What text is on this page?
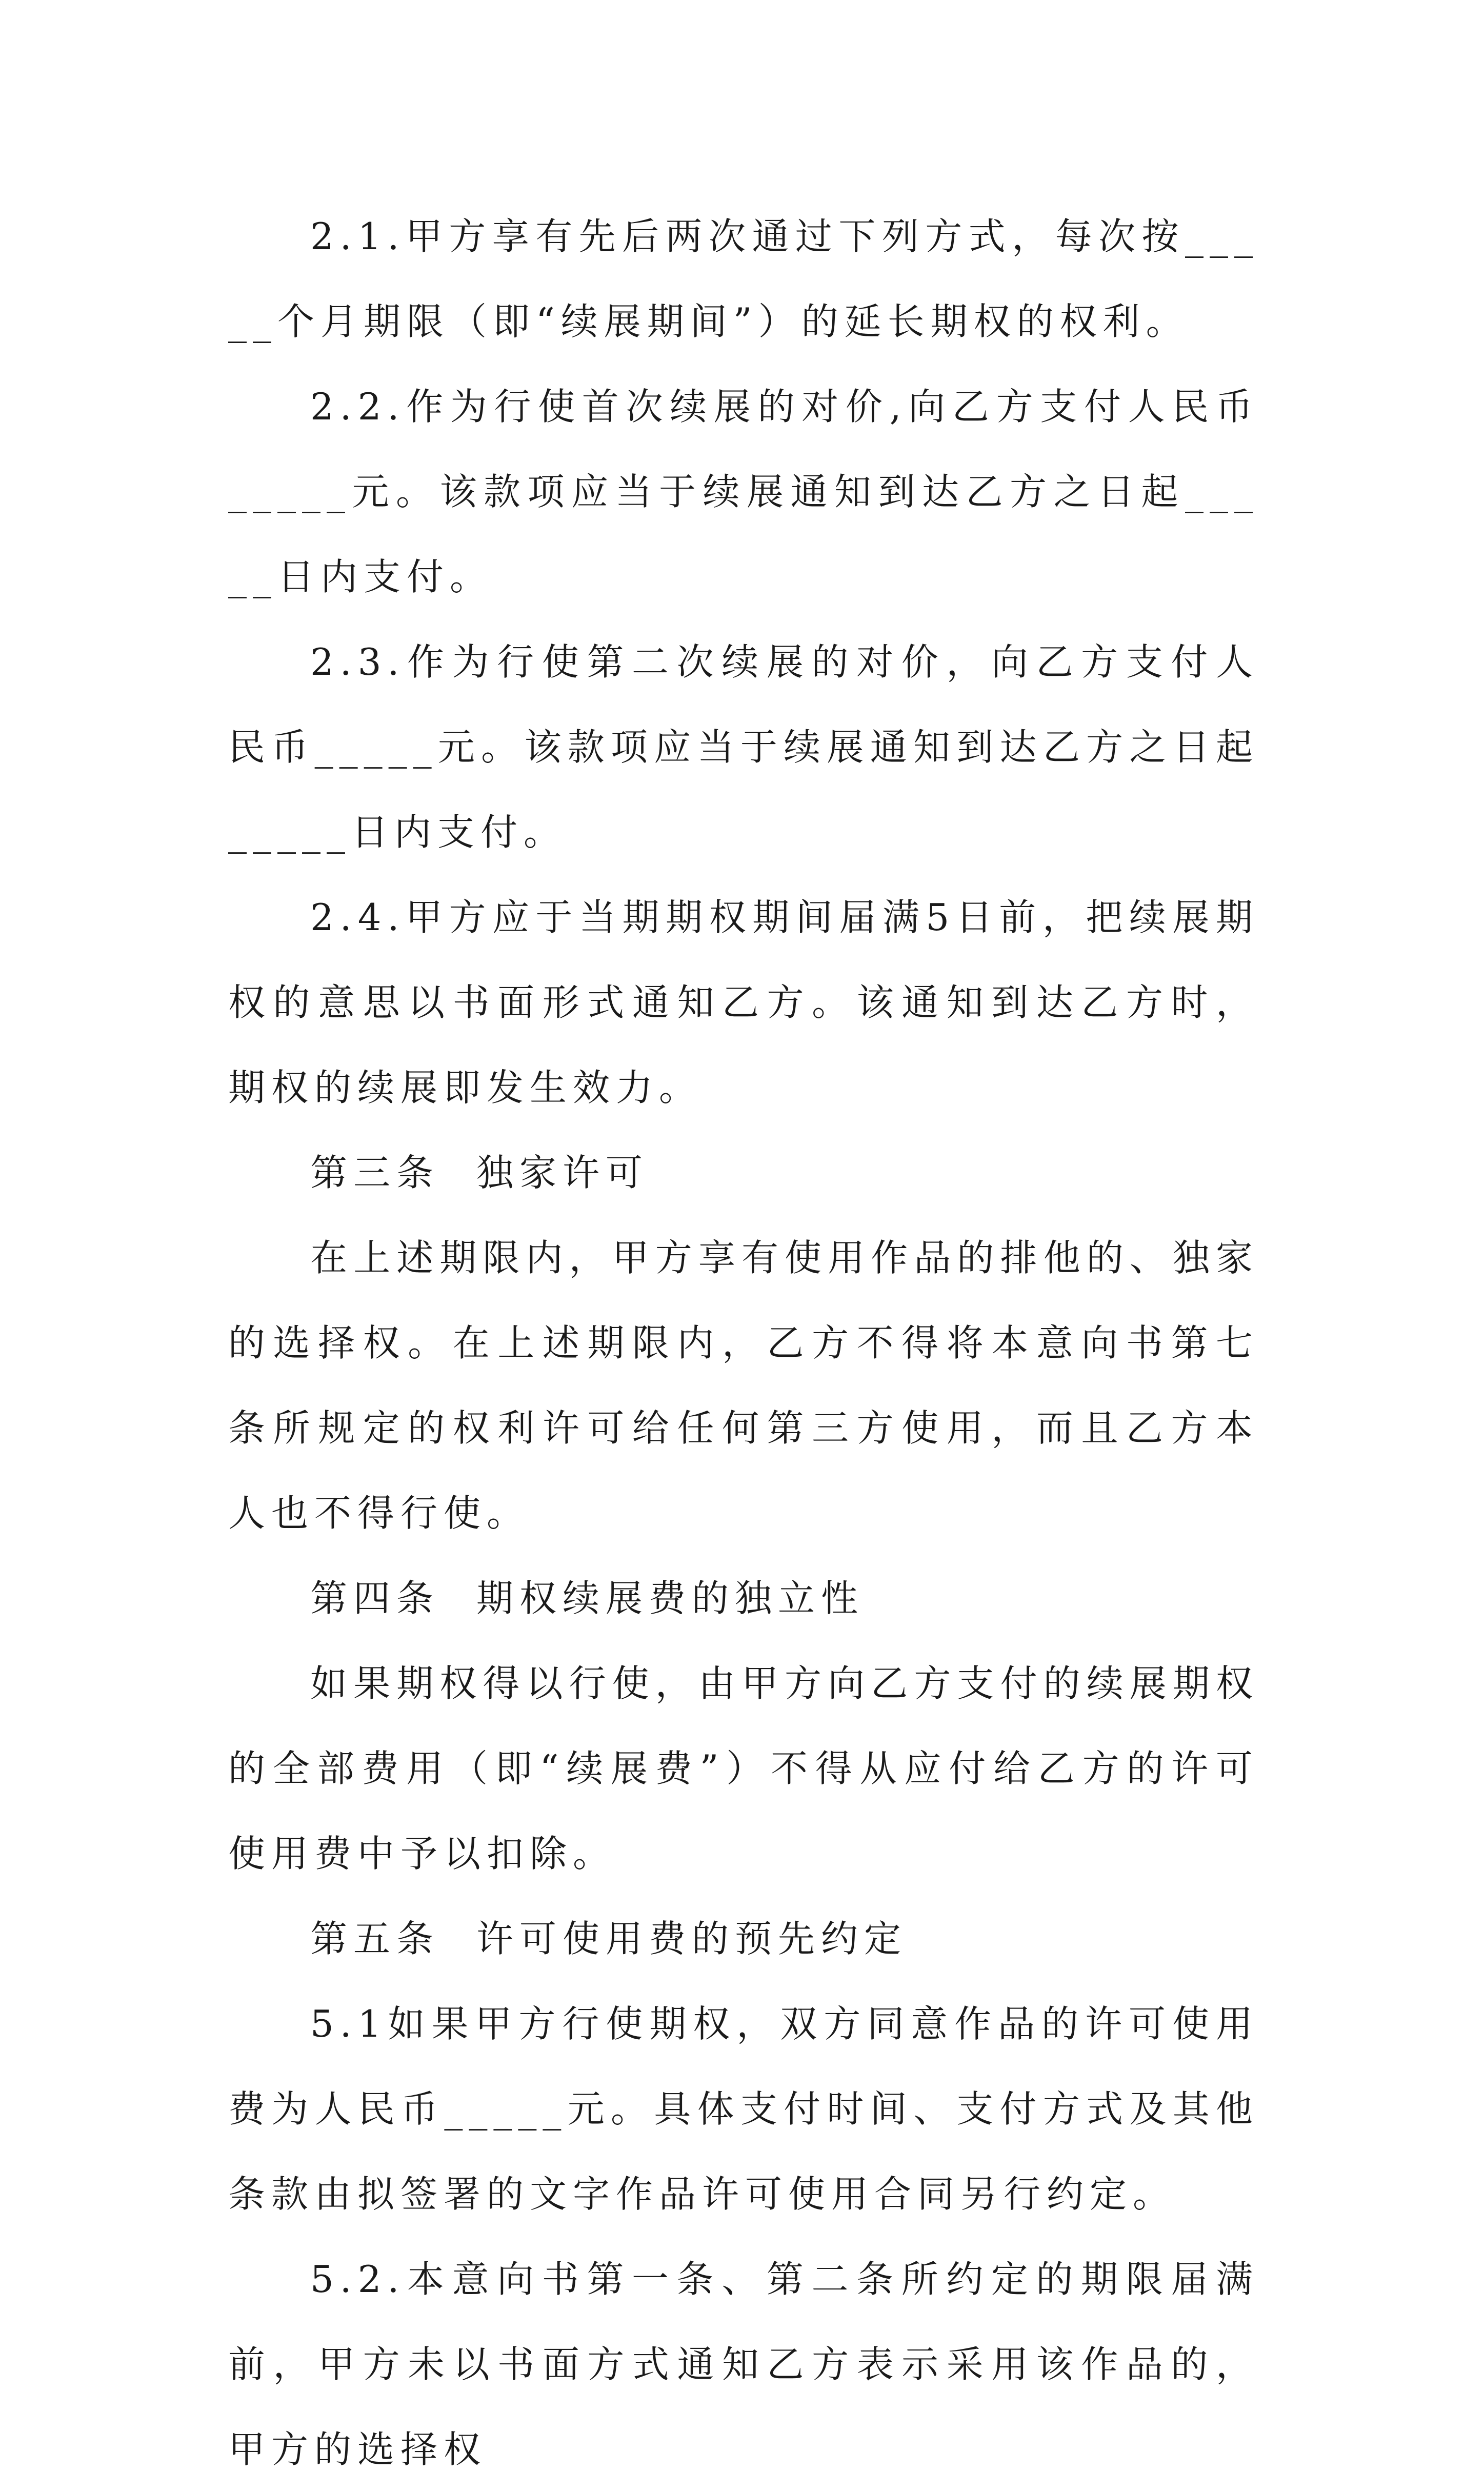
2.1.甲方享有先后两次通过下列方式，每次按_____个月期限（即“续展期间”）的延长期权的权利。

2.2.作为行使首次续展的对价,向乙方支付人民币_____元。该款项应当于续展通知到达乙方之日起_____日内支付。

2.3.作为行使第二次续展的对价，向乙方支付人民币_____元。该款项应当于续展通知到达乙方之日起_____日内支付。

2.4.甲方应于当期期权期间届满5日前，把续展期权的意思以书面形式通知乙方。该通知到达乙方时，期权的续展即发生效力。

第三条 独家许可

在上述期限内，甲方享有使用作品的排他的、独家的选择权。在上述期限内，乙方不得将本意向书第七条所规定的权利许可给任何第三方使用，而且乙方本人也不得行使。

第四条 期权续展费的独立性

如果期权得以行使，由甲方向乙方支付的续展期权的全部费用（即“续展费”）不得从应付给乙方的许可使用费中予以扣除。

第五条 许可使用费的预先约定

5.1如果甲方行使期权，双方同意作品的许可使用费为人民币_____元。具体支付时间、支付方式及其他条款由拟签署的文字作品许可使用合同另行约定。

5.2.本意向书第一条、第二条所约定的期限届满前，甲方未以书面方式通知乙方表示采用该作品的，甲方的选择权
